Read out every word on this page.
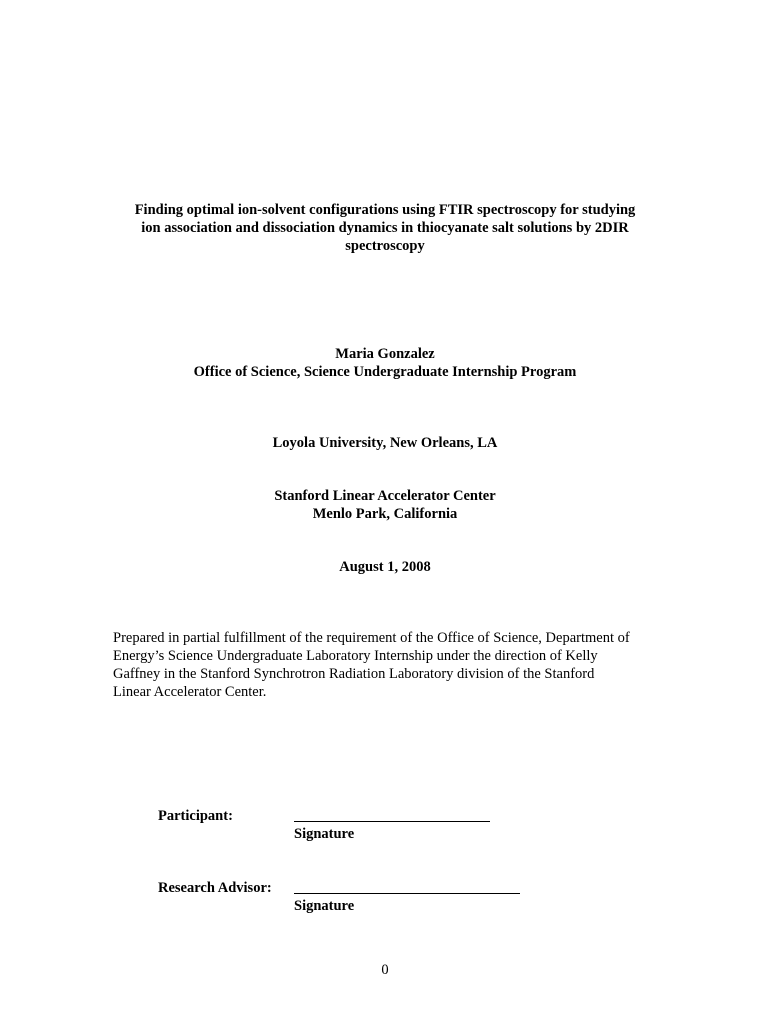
Finding optimal ion-solvent configurations using FTIR spectroscopy for studying
ion association and dissociation dynamics in thiocyanate salt solutions by 2DIR
spectroscopy
Maria Gonzalez
Office of Science, Science Undergraduate Internship Program
Loyola University, New Orleans, LA
Stanford Linear Accelerator Center
Menlo Park, California
August 1, 2008
Prepared in partial fulfillment of the requirement of the Office of Science, Department of
Energy’s Science Undergraduate Laboratory Internship under the direction of Kelly
Gaffney in the Stanford Synchrotron Radiation Laboratory division of the Stanford
Linear Accelerator Center.
Participant:
Signature
Research Advisor:
Signature
0
